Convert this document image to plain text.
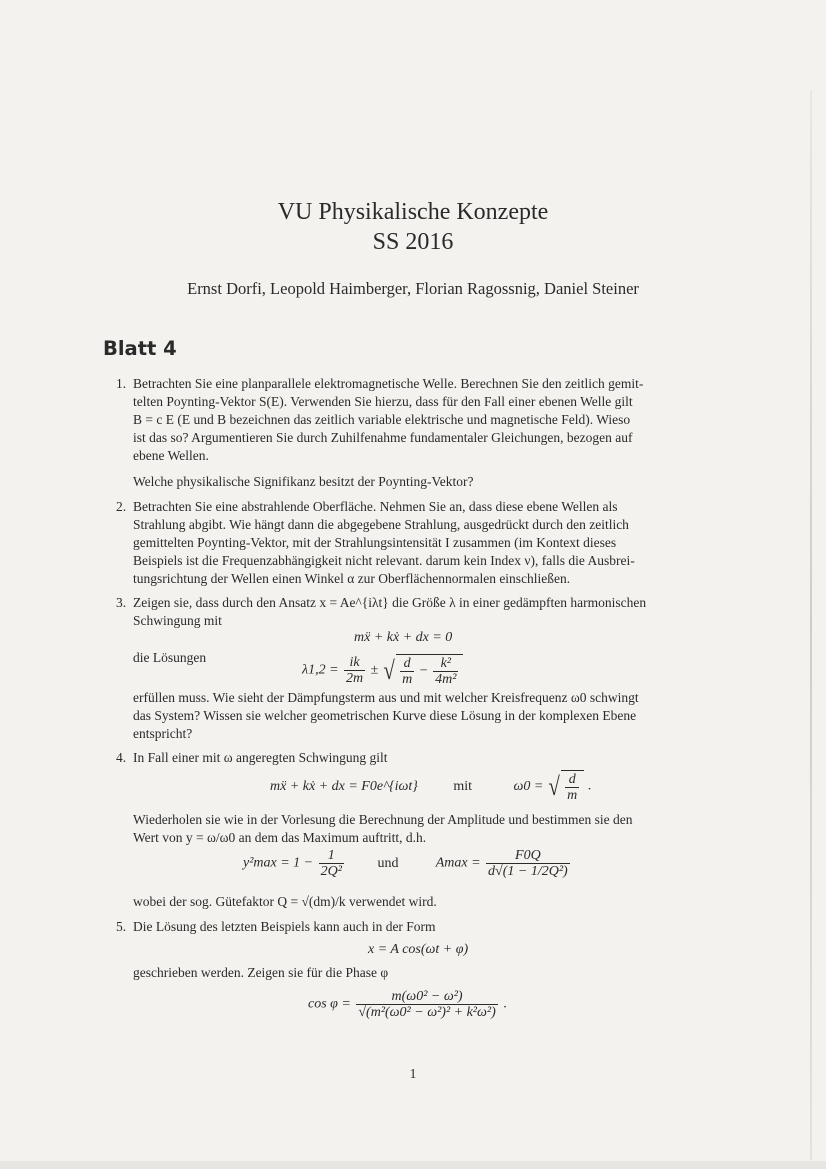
VU Physikalische Konzepte
SS 2016
Ernst Dorfi, Leopold Haimberger, Florian Ragossnig, Daniel Steiner
Blatt 4
1. Betrachten Sie eine planparallele elektromagnetische Welle. Berechnen Sie den zeitlich gemit-
telten Poynting-Vektor S(E). Verwenden Sie hierzu, dass für den Fall einer ebenen Welle gilt
B = c E (E und B bezeichnen das zeitlich variable elektrische und magnetische Feld). Wieso
ist das so? Argumentieren Sie durch Zuhilfenahme fundamentaler Gleichungen, bezogen auf
ebene Wellen.
Welche physikalische Signifikanz besitzt der Poynting-Vektor?
2. Betrachten Sie eine abstrahlende Oberfläche. Nehmen Sie an, dass diese ebene Wellen als
Strahlung abgibt. Wie hängt dann die abgegebene Strahlung, ausgedrückt durch den zeitlich
gemittelten Poynting-Vektor, mit der Strahlungsintensität I zusammen (im Kontext dieses
Beispiels ist die Frequenzabhängigkeit nicht relevant. darum kein Index ν), falls die Ausbrei-
tungsrichtung der Wellen einen Winkel α zur Oberflächennormalen einschließen.
3. Zeigen sie, dass durch den Ansatz x = Ae^{iλt} die Größe λ in einer gedämpften harmonischen
Schwingung mit
mẍ + kẋ + dx = 0
die Lösungen
$\lambda 1,2 = \frac{ik}{2m}$ ± √ $\frac{d}{m} - \frac{\text{k²}}{\text{4m²}}$
erfüllen muss. Wie sieht der Dämpfungsterm aus und mit welcher Kreisfrequenz ω0 schwingt
das System? Wissen sie welcher geometrischen Kurve diese Lösung in der komplexen Ebene
entspricht?
4. In Fall einer mit ω angeregten Schwingung gilt
mẍ + kẋ + dx = F0e^{iωt}	mit	ω0 = √ $\frac{d}{m}$ .
Wiederholen sie wie in der Vorlesung die Berechnung der Amplitude und bestimmen sie den
Wert von y = ω/ω0 an dem das Maximum auftritt, d.h.
$y^2\max = 1 - \frac{1}{\text{2Q²}}$ und	$Amax = \frac{F0Q}{\text{d√(1 − 1/2Q²)}}$
wobei der sog. Gütefaktor Q = √(dm)/k verwendet wird.
5. Die Lösung des letzten Beispiels kann auch in der Form
x = A cos(ωt + φ)
geschrieben werden. Zeigen sie für die Phase φ
$\cos \varphi = \frac{\text{m(ω0² − ω²)}}{\text{√(m²(ω0² − ω²)² + k²ω²)}}$ .
1
